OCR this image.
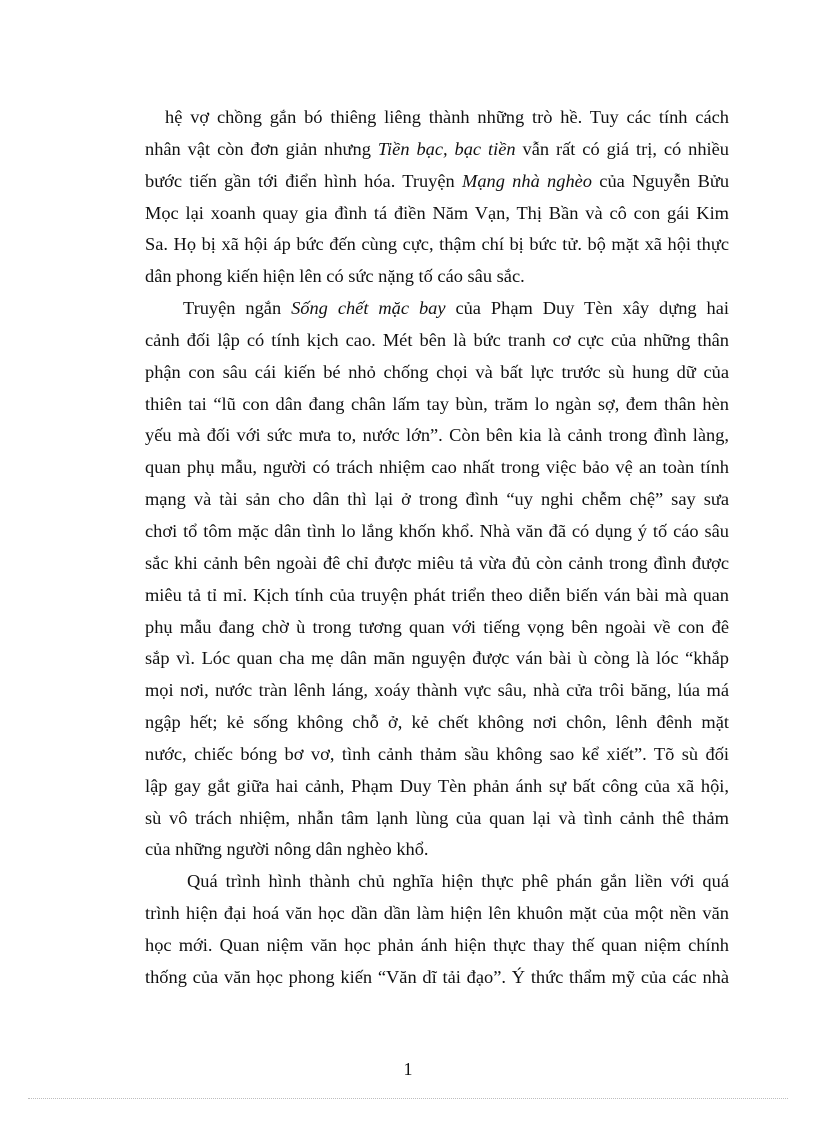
hệ vợ chồng gắn bó thiêng liêng thành những trò hề. Tuy các tính cách
nhân vật còn đơn giản nhưng Tiền bạc, bạc tiền vẫn rất có giá trị, có nhiều
bước tiến gần tới điển hình hóa. Truyện Mạng nhà nghèo của Nguyễn Bửu
Mọc lại xoanh quay gia đình tá điền Năm Vạn, Thị Bần và cô con gái Kim
Sa. Họ bị xã hội áp bức đến cùng cực, thậm chí bị bức tử. bộ mặt xã hội thực
dân phong kiến hiện lên có sức nặng tố cáo sâu sắc.
Truyện ngắn Sống chết mặc bay của Phạm Duy Tèn xây dựng hai
cảnh đối lập có tính kịch cao. Mét bên là bức tranh cơ cực của những thân
phận con sâu cái kiến bé nhỏ chống chọi và bất lực trước sù hung dữ của
thiên tai “lũ con dân đang chân lấm tay bùn, trăm lo ngàn sợ, đem thân hèn
yếu mà đối với sức mưa to, nước lớn”. Còn bên kia là cảnh trong đình làng,
quan phụ mẫu, người có trách nhiệm cao nhất trong việc bảo vệ an toàn tính
mạng và tài sản cho dân thì lại ở trong đình “uy nghi chễm chệ” say sưa
chơi tổ tôm mặc dân tình lo lắng khốn khổ. Nhà văn đã có dụng ý tố cáo sâu
sắc khi cảnh bên ngoài đê chỉ được miêu tả vừa đủ còn cảnh trong đình được
miêu tả tỉ mỉ. Kịch tính của truyện phát triển theo diễn biến ván bài mà quan
phụ mẫu đang chờ ù trong tương quan với tiếng vọng bên ngoài về con đê
sắp vì. Lóc quan cha mẹ dân mãn nguyện được ván bài ù còng là lóc “khắp
mọi nơi, nước tràn lênh láng, xoáy thành vực sâu, nhà cửa trôi băng, lúa má
ngập hết; kẻ sống không chỗ ở, kẻ chết không nơi chôn, lênh đênh mặt
nước, chiếc bóng bơ vơ, tình cảnh thảm sầu không sao kể xiết”. Tõ sù đối
lập gay gắt giữa hai cảnh, Phạm Duy Tèn phản ánh sự bất công của xã hội,
sù vô trách nhiệm, nhẫn tâm lạnh lùng của quan lại và tình cảnh thê thảm
của những người nông dân nghèo khổ.
Quá trình hình thành chủ nghĩa hiện thực phê phán gắn liền với quá
trình hiện đại hoá văn học dần dần làm hiện lên khuôn mặt của một nền văn
học mới. Quan niệm văn học phản ánh hiện thực thay thế quan niệm chính
thống của văn học phong kiến “Văn dĩ tải đạo”. Ý thức thẩm mỹ của các nhà
1
